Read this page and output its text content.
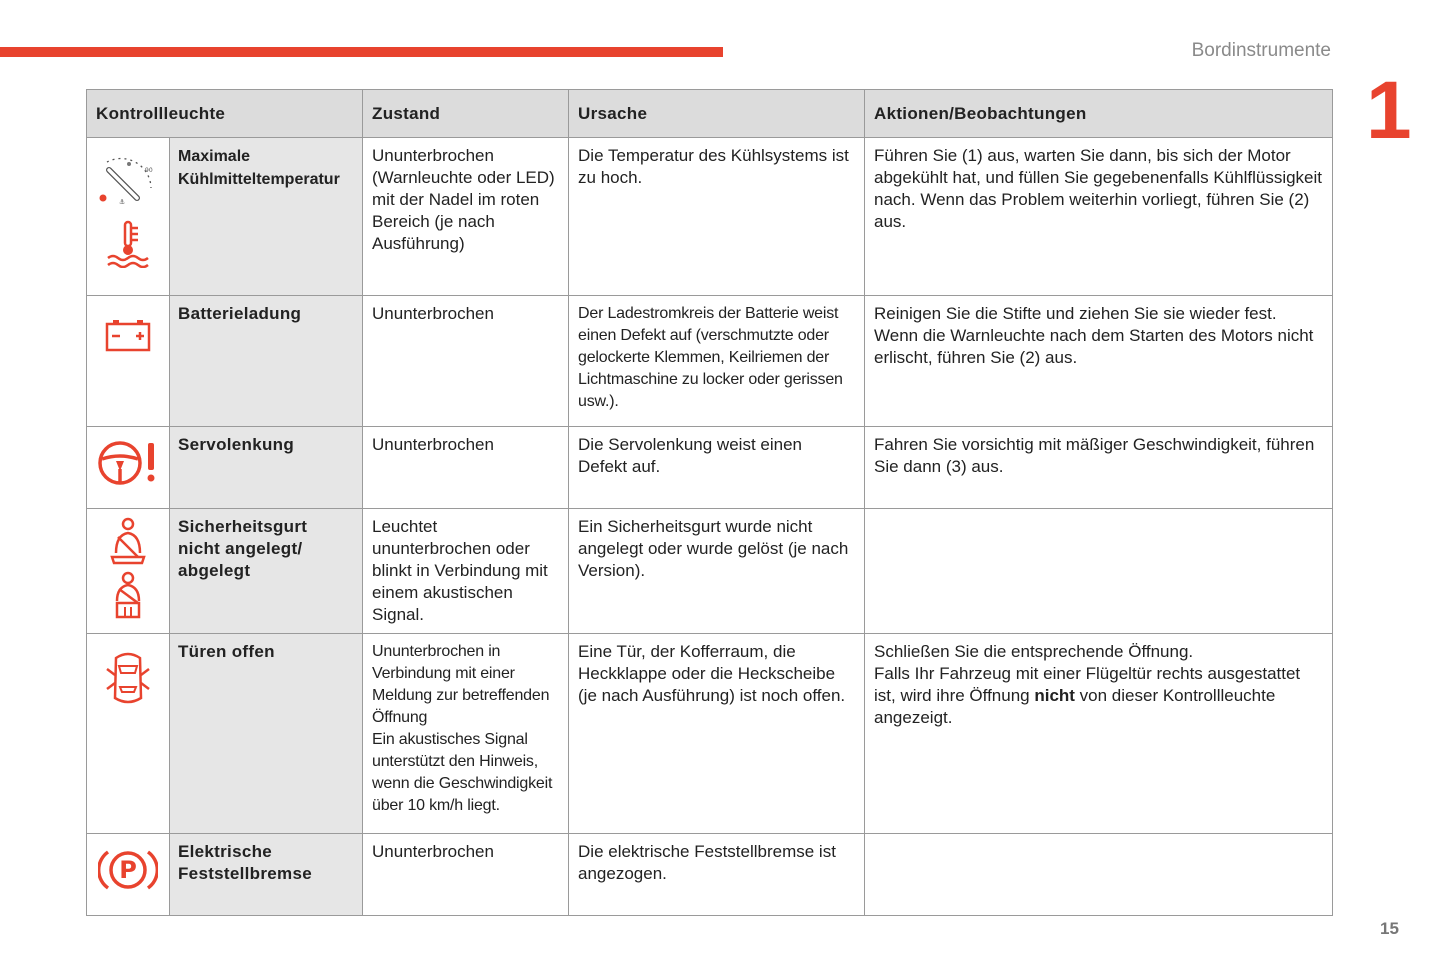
Bordinstrumente
1
Kontrollleuchte		Zustand	Ursache	Aktionen/Beobachtungen

90
⚓	Maximale Kühlmitteltemperatur	Ununterbrochen (Warnleuchte oder LED) mit der Nadel im roten Bereich (je nach Ausführung)	Die Temperatur des Kühlsystems ist zu hoch.	Führen Sie (1) aus, warten Sie dann, bis sich der Motor abgekühlt hat, und füllen Sie gegebenenfalls Kühlflüssigkeit nach. Wenn das Problem weiterhin vorliegt, führen Sie (2) aus.

	Batterieladung	Ununterbrochen	Der Ladestromkreis der Batterie weist einen Defekt auf (verschmutzte oder gelockerte Klemmen, Keilriemen der Lichtmaschine zu locker oder gerissen usw.).	Reinigen Sie die Stifte und ziehen Sie sie wieder fest. Wenn die Warnleuchte nach dem Starten des Motors nicht erlischt, führen Sie (2) aus.

	Servolenkung	Ununterbrochen	Die Servolenkung weist einen Defekt auf.	Fahren Sie vorsichtig mit mäßiger Geschwindigkeit, führen Sie dann (3) aus.

	Sicherheitsgurt nicht angelegt/ abgelegt	Leuchtet ununterbrochen oder blinkt in Verbindung mit einem akustischen Signal.	Ein Sicherheitsgurt wurde nicht angelegt oder wurde gelöst (je nach Version).	

	Türen offen	Ununterbrochen in Verbindung mit einer Meldung zur betreffenden Öffnung
Ein akustisches Signal unterstützt den Hinweis, wenn die Geschwindigkeit über 10 km/h liegt.	Eine Tür, der Kofferraum, die Heckklappe oder die Heckscheibe (je nach Ausführung) ist noch offen.	Schließen Sie die entsprechende Öffnung.
Falls Ihr Fahrzeug mit einer Flügeltür rechts ausgestattet ist, wird ihre Öffnung nicht von dieser Kontrollleuchte angezeigt.

P	Elektrische Feststellbremse	Ununterbrochen	Die elektrische Feststellbremse ist angezogen.	
15
